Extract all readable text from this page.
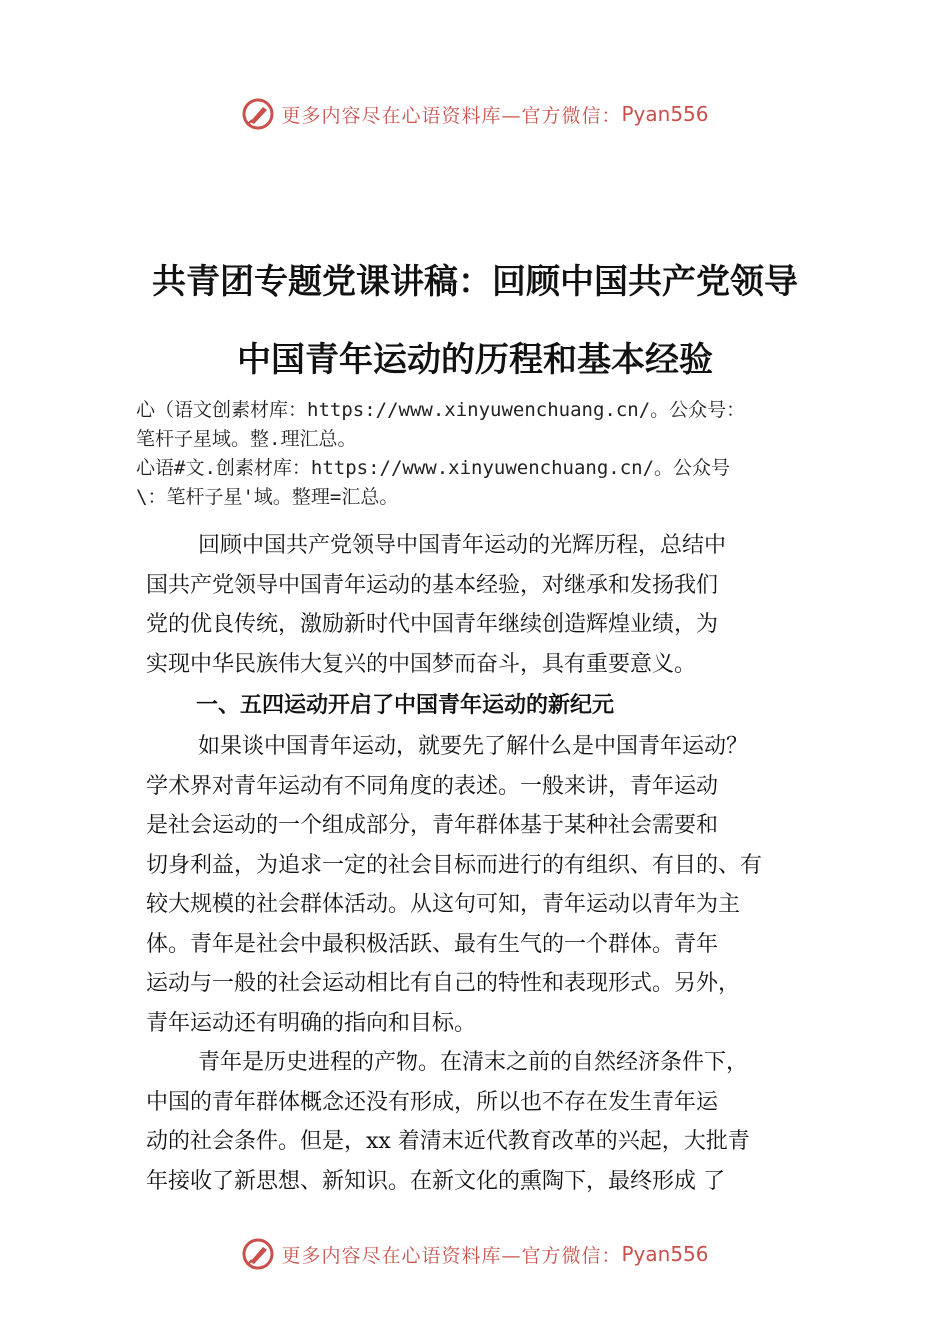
更多内容尽在心语资料库—官方微信： Pyan556
共青团专题党课讲稿：回顾中国共产党领导
中国青年运动的历程和基本经验
心（语文创素材库：https://www.xinyuwenchuang.cn/。公众号：
笔杆子星域。整.理汇总。
心语#文.创素材库：https://www.xinyuwenchuang.cn/。公众号
\：笔杆子星'域。整理=汇总。
回顾中国共产党领导中国青年运动的光辉历程，总结中
国共产党领导中国青年运动的基本经验，对继承和发扬我们
党的优良传统，激励新时代中国青年继续创造辉煌业绩，为
实现中华民族伟大复兴的中国梦而奋斗，具有重要意义。
一、五四运动开启了中国青年运动的新纪元
如果谈中国青年运动，就要先了解什么是中国青年运动？
学术界对青年运动有不同角度的表述。一般来讲，青年运动
是社会运动的一个组成部分，青年群体基于某种社会需要和
切身利益，为追求一定的社会目标而进行的有组织、有目的、有
较大规模的社会群体活动。从这句可知，青年运动以青年为主
体。青年是社会中最积极活跃、最有生气的一个群体。青年
运动与一般的社会运动相比有自己的特性和表现形式。另外，
青年运动还有明确的指向和目标。
青年是历史进程的产物。在清末之前的自然经济条件下，
中国的青年群体概念还没有形成，所以也不存在发生青年运
动的社会条件。但是，xx 着清末近代教育改革的兴起，大批青
年接收了新思想、新知识。在新文化的熏陶下，最终形成 了
更多内容尽在心语资料库—官方微信： Pyan556
